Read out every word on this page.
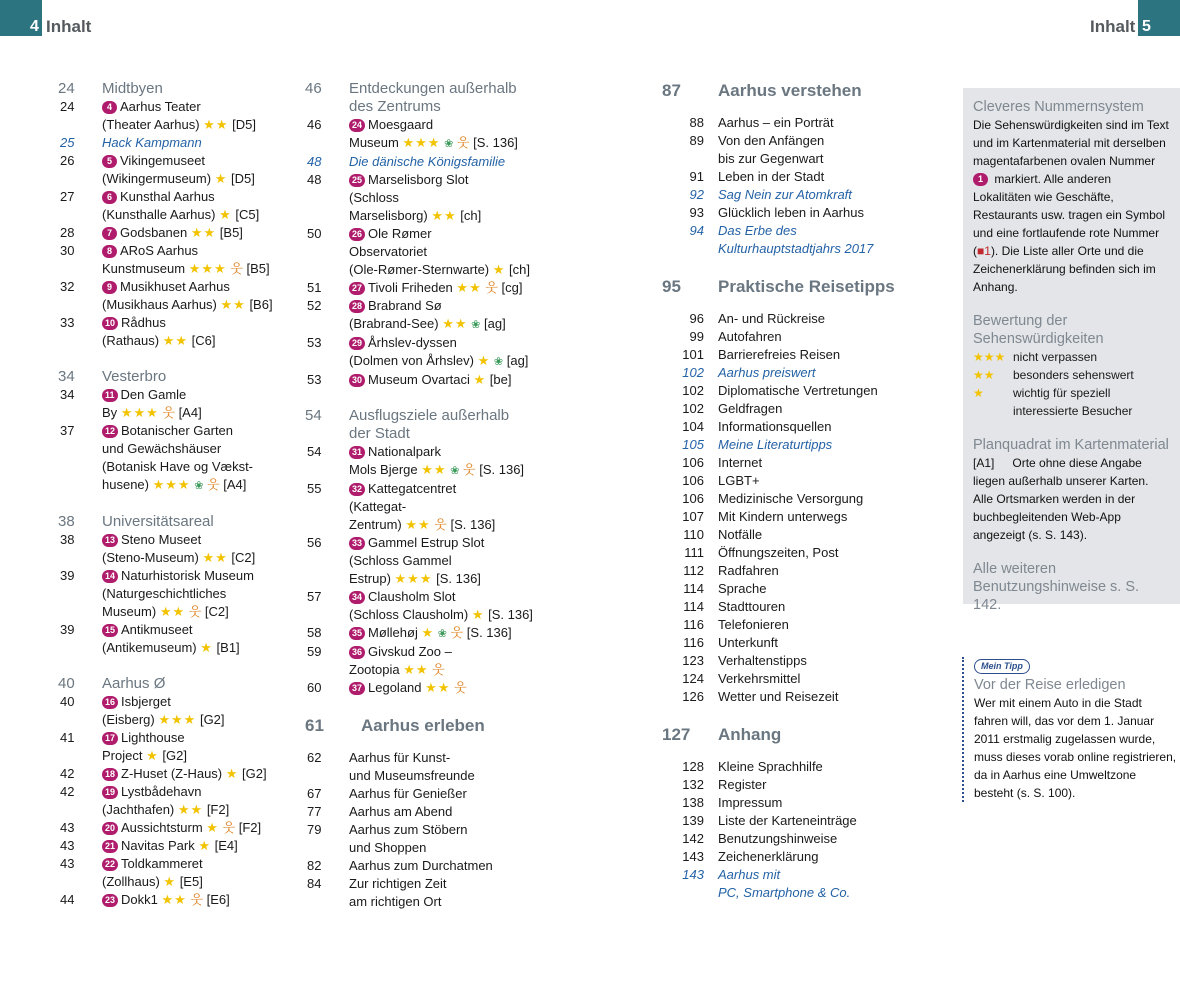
4 Inhalt	5
Inhalt
24	Midtbyen
24	4 Aarhus Teater
(Theater Aarhus) ★★ [D5]
25	Hack Kampmann
26	5 Vikingemuseet
(Wikingermuseum) ★ [D5]
27	6 Kunsthal Aarhus
(Kunsthalle Aarhus) ★ [C5]
28	7 Godsbanen ★★ [B5]
30	8 ARoS Aarhus
Kunstmuseum ★★★ 웃 [B5]
32	9 Musikhuset Aarhus
(Musikhaus Aarhus) ★★ [B6]
33	10 Rådhus
(Rathaus) ★★ [C6]
34	Vesterbro
34	11 Den Gamle
By ★★★ 웃 [A4]
37	12 Botanischer Garten
und Gewächshäuser
(Botanisk Have og Vækst-
husene) ★★★ ❀ 웃 [A4]
38	Universitätsareal
38	13 Steno Museet
(Steno-Museum) ★★ [C2]
39	14 Naturhistorisk Museum
(Naturgeschichtliches
Museum) ★★ 웃 [C2]
39	15 Antikmuseet
(Antikemuseum) ★ [B1]
40	Aarhus Ø
40	16 Isbjerget
(Eisberg) ★★★ [G2]
41	17 Lighthouse
Project ★ [G2]
42	18 Z-Huset (Z-Haus) ★ [G2]
42	19 Lystbådehavn
(Jachthafen) ★★ [F2]
43	20 Aussichtsturm ★ 웃 [F2]
43	21 Navitas Park ★ [E4]
43	22 Toldkammeret
(Zollhaus) ★ [E5]
44	23 Dokk1 ★★ 웃 [E6]
46	Entdeckungen außerhalb
des Zentrums
46	24 Moesgaard
Museum ★★★ ❀ 웃 [S. 136]
48	Die dänische Königsfamilie
48	25 Marselisborg Slot
(Schloss
Marselisborg) ★★ [ch]
50	26 Ole Rømer
Observatoriet
(Ole-Rømer-Sternwarte) ★ [ch]
51	27 Tivoli Friheden ★★ 웃 [cg]
52	28 Brabrand Sø
(Brabrand-See) ★★ ❀ [ag]
53	29 Århslev-dyssen
(Dolmen von Århslev) ★ ❀ [ag]
53	30 Museum Ovartaci ★ [be]
54	Ausflugsziele außerhalb
der Stadt
54	31 Nationalpark
Mols Bjerge ★★ ❀ 웃 [S. 136]
55	32 Kattegatcentret
(Kattegat-
Zentrum) ★★ 웃 [S. 136]
56	33 Gammel Estrup Slot
(Schloss Gammel
Estrup) ★★★ [S. 136]
57	34 Clausholm Slot
(Schloss Clausholm) ★ [S. 136]
58	35 Møllehøj ★ ❀ 웃 [S. 136]
59	36 Givskud Zoo –
Zootopia ★★ 웃
60	37 Legoland ★★ 웃
61	Aarhus erleben
62	Aarhus für Kunst-
und Museumsfreunde
67	Aarhus für Genießer
77	Aarhus am Abend
79	Aarhus zum Stöbern
und Shoppen
82	Aarhus zum Durchatmen
84	Zur richtigen Zeit
am richtigen Ort
87	Aarhus verstehen
88	Aarhus – ein Porträt
89	Von den Anfängen
bis zur Gegenwart
91	Leben in der Stadt
92	Sag Nein zur Atomkraft
93	Glücklich leben in Aarhus
94	Das Erbe des
Kulturhauptstadtjahrs 2017
95	Praktische Reisetipps
96	An- und Rückreise
99	Autofahren
101	Barrierefreies Reisen
102	Aarhus preiswert
102	Diplomatische Vertretungen
102	Geldfragen
104	Informationsquellen
105	Meine Literaturtipps
106	Internet
106	LGBT+
106	Medizinische Versorgung
107	Mit Kindern unterwegs
110	Notfälle
111	Öffnungszeiten, Post
112	Radfahren
114	Sprache
114	Stadttouren
116	Telefonieren
116	Unterkunft
123	Verhaltenstipps
124	Verkehrsmittel
126	Wetter und Reisezeit
127	Anhang
128	Kleine Sprachhilfe
132	Register
138	Impressum
139	Liste der Karteneinträge
142	Benutzungshinweise
143	Zeichenerklärung
143	Aarhus mit
PC, Smartphone & Co.
Cleveres Nummernsystem
Die Sehenswürdigkeiten sind im Text und im Kartenmaterial mit derselben magentafarbenen ovalen Nummer 1 markiert. Alle anderen Lokalitäten wie Geschäfte, Restaurants usw. tragen ein Symbol und eine fortlaufende rote Nummer (■1). Die Liste aller Orte und die Zeichenerklärung befinden sich im Anhang.
Bewertung der Sehenswürdigkeiten
★★★ nicht verpassen
★★	besonders sehenswert
★	wichtig für speziell interessierte Besucher
Planquadrat im Kartenmaterial
[A1] Orte ohne diese Angabe liegen außerhalb unserer Karten. Alle Ortsmarken werden in der buchbegleitenden Web-App angezeigt (s. S. 143).
Alle weiteren Benutzungshinweise s. S. 142.
Mein Tipp
Vor der Reise erledigen
Wer mit einem Auto in die Stadt fahren will, das vor dem 1. Januar 2011 erstmalig zugelassen wurde, muss dieses vorab online registrieren, da in Aarhus eine Umweltzone besteht (s. S. 100).
